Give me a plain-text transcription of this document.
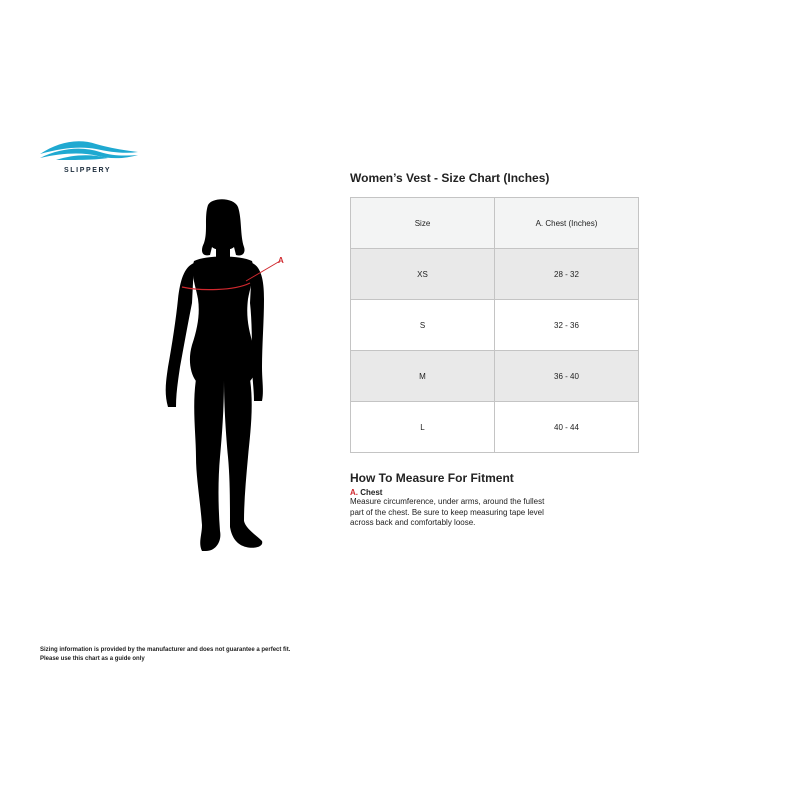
SLIPPERY
A
Women’s Vest - Size Chart (Inches)
Size	A. Chest (Inches)
XS	28 - 32
S	32 - 36
M	36 - 40
L	40 - 44
How To Measure For Fitment
A. Chest
Measure circumference, under arms, around the fullest part of the chest. Be sure to keep measuring tape level across back and comfortably loose.
Sizing information is provided by the manufacturer and does not guarantee a perfect fit.
Please use this chart as a guide only
